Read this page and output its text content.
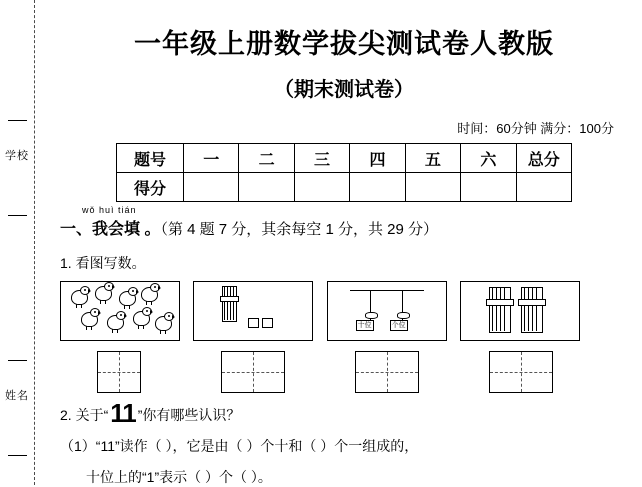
学校
姓名
一年级上册数学拔尖测试卷人教版
（期末测试卷）
时间：60分钟 满分：100分
题号	一	二	三	四	五	六	总分
得分							
wǒ huì tián
一、我会填 。（第 4 题 7 分，其余每空 1 分，共 29 分）
1. 看图写数。
十位	个位
2.
关于“ 11 ”你有哪些认识？
（1）“11”读作（ ），它是由（ ）个十和（ ）个一组成的，
十位上的“1”表示（ ）个（ ）。
